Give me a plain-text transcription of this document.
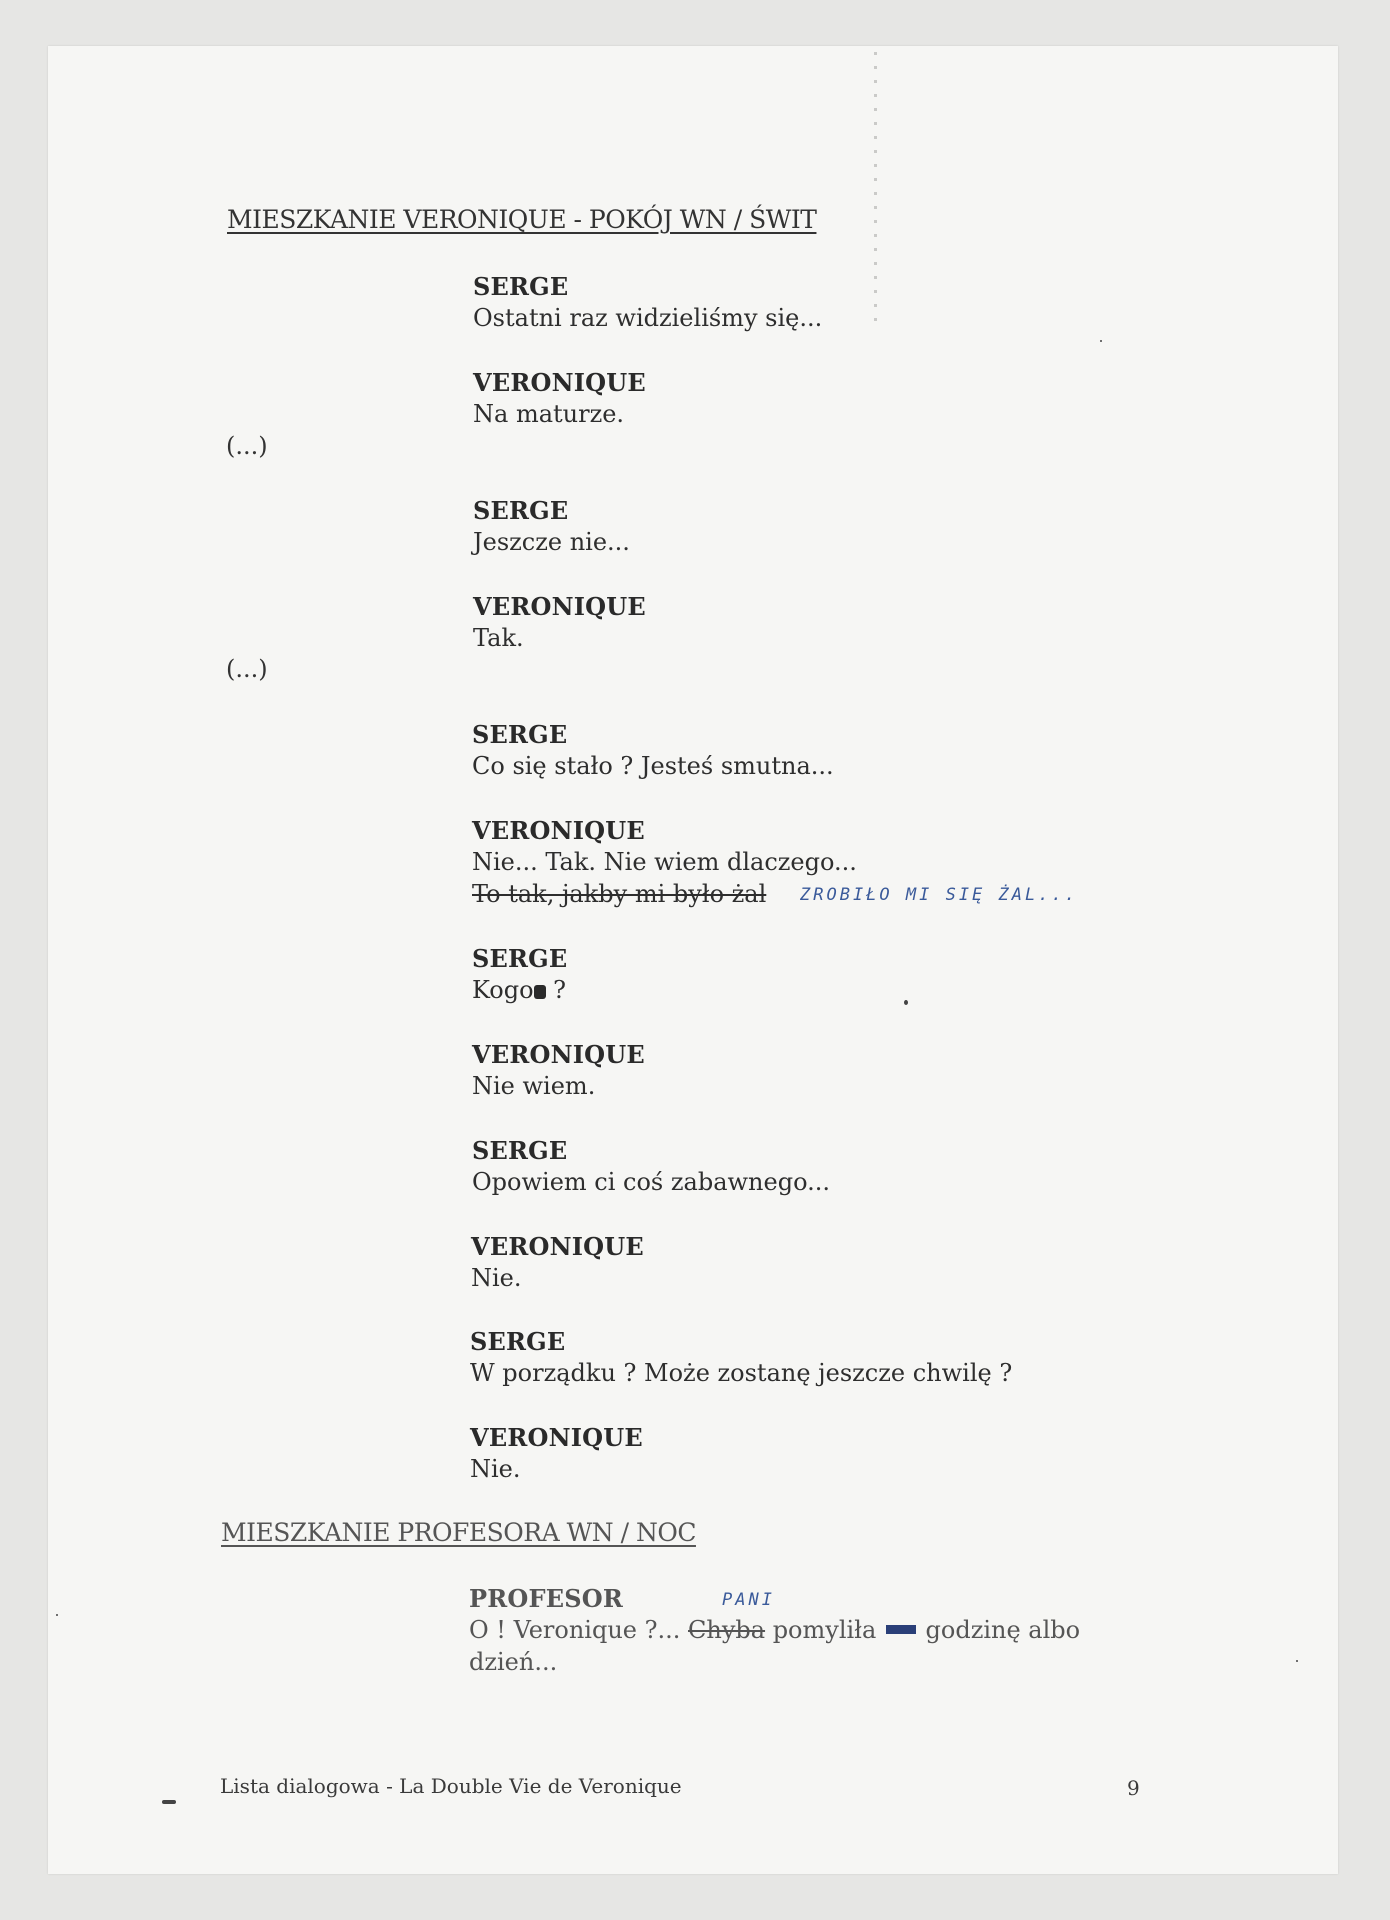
MIESZKANIE VERONIQUE - POKÓJ WN / ŚWIT
SERGE
Ostatni raz widzieliśmy się...
VERONIQUE
Na maturze.
(...)
SERGE
Jeszcze nie...
VERONIQUE
Tak.
(...)
SERGE
Co się stało ? Jesteś smutna...
VERONIQUE
Nie... Tak. Nie wiem dlaczego...
To tak, jakby mi było żal ZROBIŁO MI SIĘ ŻAL...
SERGE
Kogo ?
VERONIQUE
Nie wiem.
SERGE
Opowiem ci coś zabawnego...
VERONIQUE
Nie.
SERGE
W porządku ? Może zostanę jeszcze chwilę ?
VERONIQUE
Nie.
MIESZKANIE PROFESORA WN / NOC
PANI
PROFESOR
O ! Veronique ?... Chyba pomyliła  godzinę albo
dzień...
Lista dialogowa - La Double Vie de Veronique	9
